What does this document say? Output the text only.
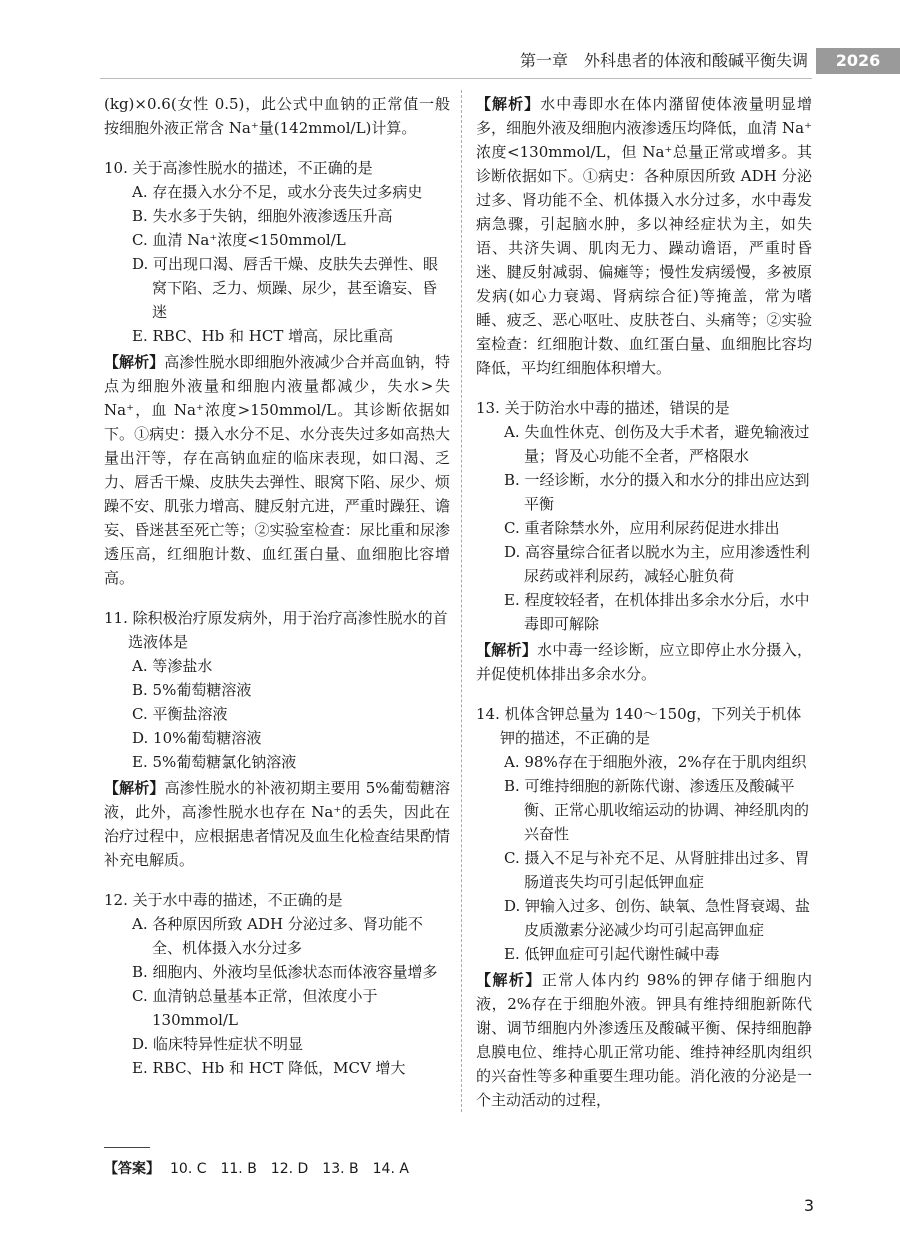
第一章　外科患者的体液和酸碱平衡失调	2026

(kg)×0.6(女性 0.5)，此公式中血钠的正常值一般按细胞外液正常含 Na⁺量(142mmol/L)计算。

10. 关于高渗性脱水的描述，不正确的是

A. 存在摄入水分不足，或水分丧失过多病史

B. 失水多于失钠，细胞外液渗透压升高

C. 血清 Na⁺浓度<150mmol/L

D. 可出现口渴、唇舌干燥、皮肤失去弹性、眼窝下陷、乏力、烦躁、尿少，甚至谵妄、昏迷

E. RBC、Hb 和 HCT 增高，尿比重高

【解析】高渗性脱水即细胞外液减少合并高血钠，特点为细胞外液量和细胞内液量都减少，失水>失 Na⁺，血 Na⁺浓度>150mmol/L。其诊断依据如下。①病史：摄入水分不足、水分丧失过多如高热大量出汗等，存在高钠血症的临床表现，如口渴、乏力、唇舌干燥、皮肤失去弹性、眼窝下陷、尿少、烦躁不安、肌张力增高、腱反射亢进，严重时躁狂、谵妄、昏迷甚至死亡等；②实验室检查：尿比重和尿渗透压高，红细胞计数、血红蛋白量、血细胞比容增高。

11. 除积极治疗原发病外，用于治疗高渗性脱水的首选液体是

A. 等渗盐水

B. 5%葡萄糖溶液

C. 平衡盐溶液

D. 10%葡萄糖溶液

E. 5%葡萄糖氯化钠溶液

【解析】高渗性脱水的补液初期主要用 5%葡萄糖溶液，此外，高渗性脱水也存在 Na⁺的丢失，因此在治疗过程中，应根据患者情况及血生化检查结果酌情补充电解质。

12. 关于水中毒的描述，不正确的是

A. 各种原因所致 ADH 分泌过多、肾功能不全、机体摄入水分过多

B. 细胞内、外液均呈低渗状态而体液容量增多

C. 血清钠总量基本正常，但浓度小于130mmol/L

D. 临床特异性症状不明显

E. RBC、Hb 和 HCT 降低，MCV 增大

【解析】水中毒即水在体内潴留使体液量明显增多，细胞外液及细胞内液渗透压均降低，血清 Na⁺浓度<130mmol/L，但 Na⁺总量正常或增多。其诊断依据如下。①病史：各种原因所致 ADH 分泌过多、肾功能不全、机体摄入水分过多，水中毒发病急骤，引起脑水肿，多以神经症状为主，如失语、共济失调、肌肉无力、躁动谵语，严重时昏迷、腱反射减弱、偏瘫等；慢性发病缓慢，多被原发病(如心力衰竭、肾病综合征)等掩盖，常为嗜睡、疲乏、恶心呕吐、皮肤苍白、头痛等；②实验室检查：红细胞计数、血红蛋白量、血细胞比容均降低，平均红细胞体积增大。

13. 关于防治水中毒的描述，错误的是

A. 失血性休克、创伤及大手术者，避免输液过量；肾及心功能不全者，严格限水

B. 一经诊断，水分的摄入和水分的排出应达到平衡

C. 重者除禁水外，应用利尿药促进水排出

D. 高容量综合征者以脱水为主，应用渗透性利尿药或袢利尿药，减轻心脏负荷

E. 程度较轻者，在机体排出多余水分后，水中毒即可解除

【解析】水中毒一经诊断，应立即停止水分摄入，并促使机体排出多余水分。

14. 机体含钾总量为 140～150g，下列关于机体钾的描述，不正确的是

A. 98%存在于细胞外液，2%存在于肌肉组织

B. 可维持细胞的新陈代谢、渗透压及酸碱平衡、正常心肌收缩运动的协调、神经肌肉的兴奋性

C. 摄入不足与补充不足、从肾脏排出过多、胃肠道丧失均可引起低钾血症

D. 钾输入过多、创伤、缺氧、急性肾衰竭、盐皮质激素分泌减少均可引起高钾血症

E. 低钾血症可引起代谢性碱中毒

【解析】正常人体内约 98%的钾存储于细胞内液，2%存在于细胞外液。钾具有维持细胞新陈代谢、调节细胞内外渗透压及酸碱平衡、保持细胞静息膜电位、维持心肌正常功能、维持神经肌肉组织的兴奋性等多种重要生理功能。消化液的分泌是一个主动活动的过程，

【答案】 10. C　11. B　12. D　13. B　14. A
3
